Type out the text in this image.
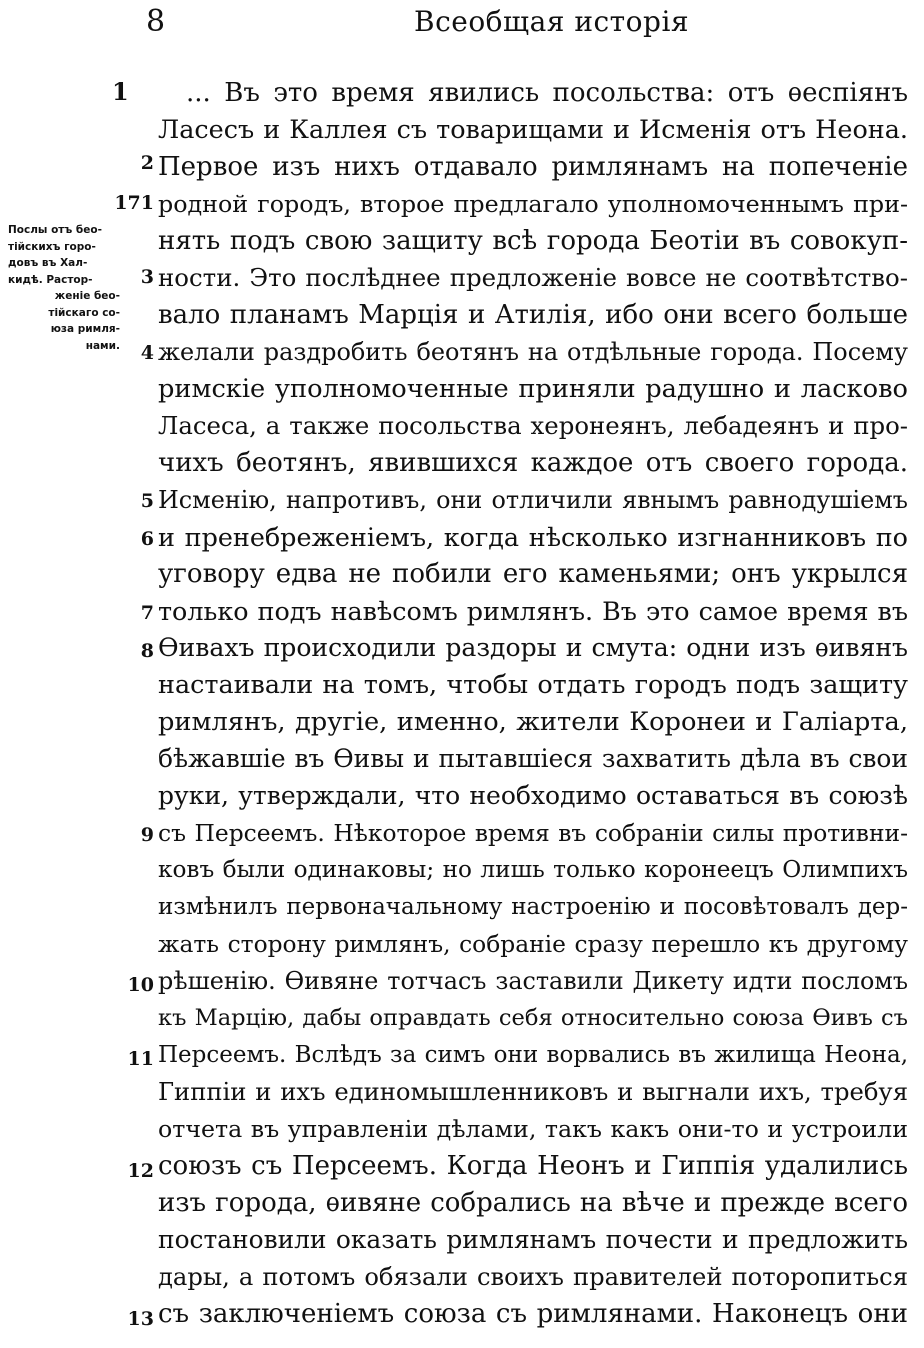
8	Всеобщая исторія
Послы отъ бео-
тійскихъ горо-
довъ въ Хал-
кидѣ. Растор-
женіе бео-
тійскаго со-
юза римля-
нами.
1
2
171
3
4
5
6
7
8
9
10
11
12
13
... Въ это время явились посольства: отъ ѳеспіянъ
Ласесъ и Каллея съ товарищами и Исменія отъ Неона.
Первое изъ нихъ отдавало римлянамъ на попеченіе
родной городъ, второе предлагало уполномоченнымъ при-
нять подъ свою защиту всѣ города Беотіи въ совокуп-
ности. Это послѣднее предложеніе вовсе не соотвѣтство-
вало планамъ Марція и Атилія, ибо они всего больше
желали раздробить беотянъ на отдѣльные города. Посему
римскіе уполномоченные приняли радушно и ласково
Ласеса, а также посольства херонеянъ, лебадеянъ и про-
чихъ беотянъ, явившихся каждое отъ своего города.
Исменію, напротивъ, они отличили явнымъ равнодушіемъ
и пренебреженіемъ, когда нѣсколько изгнанниковъ по
уговору едва не побили его каменьями; онъ укрылся
только подъ навѣсомъ римлянъ. Въ это самое время въ
Ѳивахъ происходили раздоры и смута: одни изъ ѳивянъ
настаивали на томъ, чтобы отдать городъ подъ защиту
римлянъ, другіе, именно, жители Коронеи и Галіарта,
бѣжавшіе въ Ѳивы и пытавшіеся захватить дѣла въ свои
руки, утверждали, что необходимо оставаться въ союзѣ
съ Персеемъ. Нѣкоторое время въ собраніи силы противни-
ковъ были одинаковы; но лишь только коронеецъ Олимпихъ
измѣнилъ первоначальному настроенію и посовѣтовалъ дер-
жать сторону римлянъ, собраніе сразу перешло къ другому
рѣшенію. Ѳивяне тотчасъ заставили Дикету идти посломъ
къ Марцію, дабы оправдать себя относительно союза Ѳивъ съ
Персеемъ. Вслѣдъ за симъ они ворвались въ жилища Неона,
Гиппіи и ихъ единомышленниковъ и выгнали ихъ, требуя
отчета въ управленіи дѣлами, такъ какъ они-то и устроили
союзъ съ Персеемъ. Когда Неонъ и Гиппія удалились
изъ города, ѳивяне собрались на вѣче и прежде всего
постановили оказать римлянамъ почести и предложить
дары, а потомъ обязали своихъ правителей поторопиться
съ заключеніемъ союза съ римлянами. Наконецъ они
